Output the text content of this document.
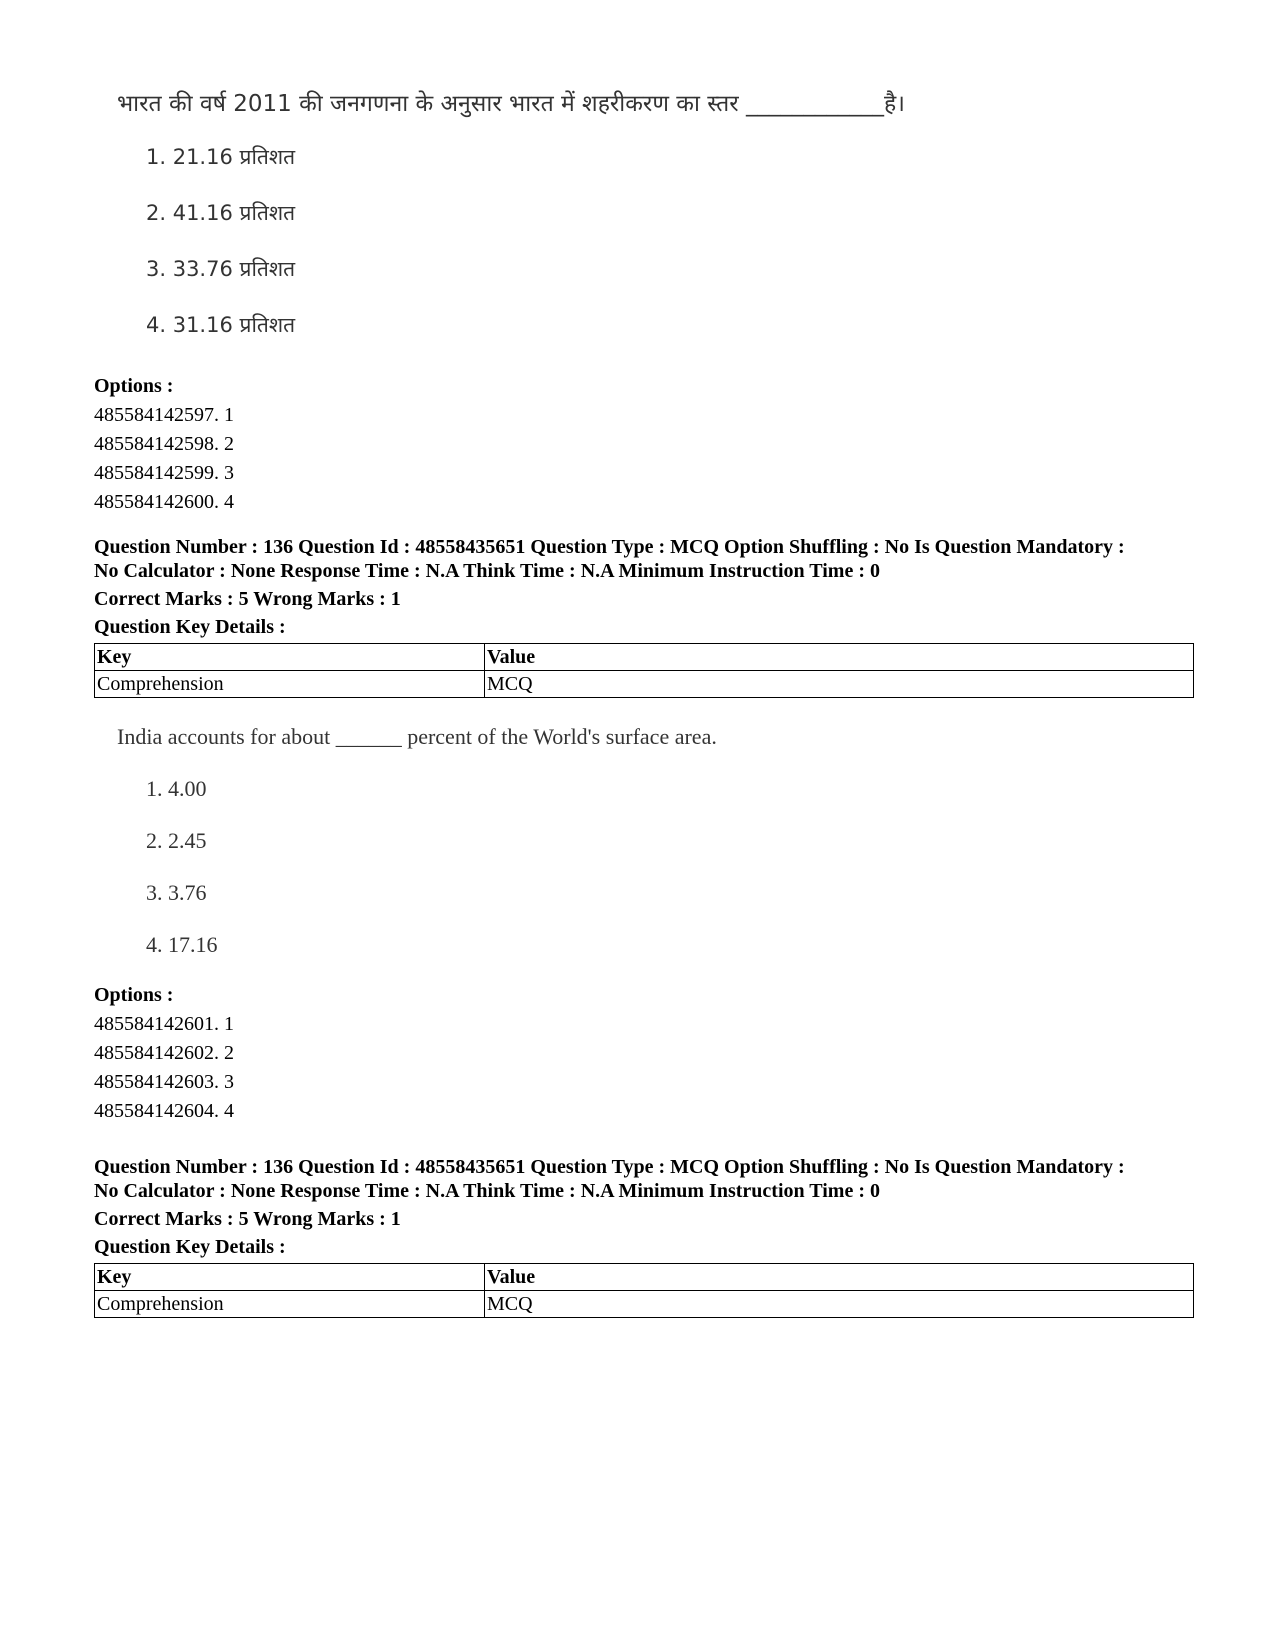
भारत की वर्ष 2011 की जनगणना के अनुसार भारत में शहरीकरण का स्तर ____________है।
1. 21.16 प्रतिशत
2. 41.16 प्रतिशत
3. 33.76 प्रतिशत
4. 31.16 प्रतिशत
Options :
485584142597. 1
485584142598. 2
485584142599. 3
485584142600. 4
Question Number : 136 Question Id : 48558435651 Question Type : MCQ Option Shuffling : No Is Question Mandatory :
No Calculator : None Response Time : N.A Think Time : N.A Minimum Instruction Time : 0
Correct Marks : 5 Wrong Marks : 1
Question Key Details :
Key	Value
Comprehension	MCQ
India accounts for about ______ percent of the World's surface area.
1. 4.00
2. 2.45
3. 3.76
4. 17.16
Options :
485584142601. 1
485584142602. 2
485584142603. 3
485584142604. 4
Question Number : 136 Question Id : 48558435651 Question Type : MCQ Option Shuffling : No Is Question Mandatory :
No Calculator : None Response Time : N.A Think Time : N.A Minimum Instruction Time : 0
Correct Marks : 5 Wrong Marks : 1
Question Key Details :
Key	Value
Comprehension	MCQ
